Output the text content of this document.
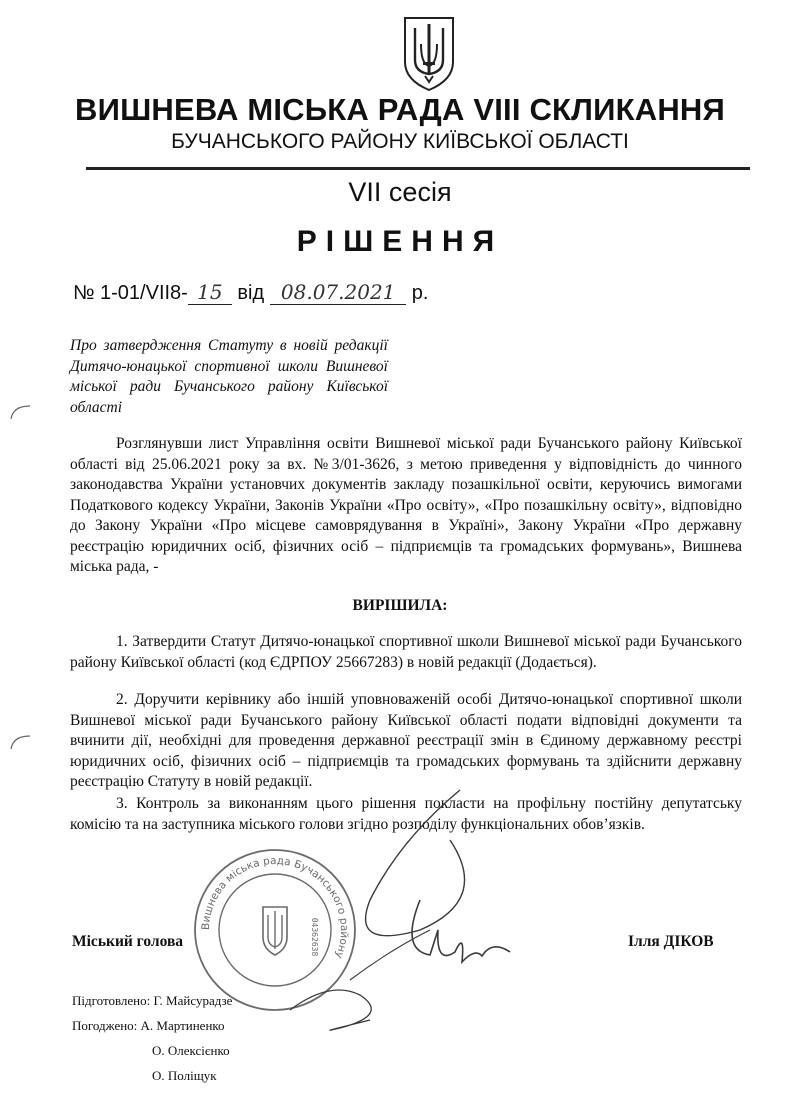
ВИШНЕВА МІСЬКА РАДА VIII СКЛИКАННЯ
БУЧАНСЬКОГО РАЙОНУ КИЇВСЬКОЇ ОБЛАСТІ
VII сесія
РІШЕННЯ
№ 1-01/VIІ8- 15 від 08.07.2021 р.
Про затвердження Статуту в новій редакції Дитячо-юнацької спортивної школи Вишневої міської ради Бучанського району Київської області
Розглянувши лист Управління освіти Вишневої міської ради Бучанського району Київської області від 25.06.2021 року за вх. №3/01-3626, з метою приведення у відповідність до чинного законодавства України установчих документів закладу позашкільної освіти, керуючись вимогами Податкового кодексу України, Законів України «Про освіту», «Про позашкільну освіту», відповідно до Закону України «Про місцеве самоврядування в Україні», Закону України «Про державну реєстрацію юридичних осіб, фізичних осіб – підприємців та громадських формувань», Вишнева міська рада, -
ВИРІШИЛА:
1. Затвердити Статут Дитячо-юнацької спортивної школи Вишневої міської ради Бучанського району Київської області (код ЄДРПОУ 25667283) в новій редакції (Додається).
2. Доручити керівнику або іншій уповноваженій особі Дитячо-юнацької спортивної школи Вишневої міської ради Бучанського району Київської області подати відповідні документи та вчинити дії, необхідні для проведення державної реєстрації змін в Єдиному державному реєстрі юридичних осіб, фізичних осіб – підприємців та громадських формувань та здійснити державну реєстрацію Статуту в новій редакції.
3. Контроль за виконанням цього рішення покласти на профільну постійну депутатську комісію та на заступника міського голови згідно розподілу функціональних обов’язків.
Вишнева міська рада Бучанського району
04362638
Міський голова	Ілля ДІКОВ
Підготовлено: Г. Майсурадзе
Погоджено: А. Мартиненко
О. Олексієнко
О. Поліщук
